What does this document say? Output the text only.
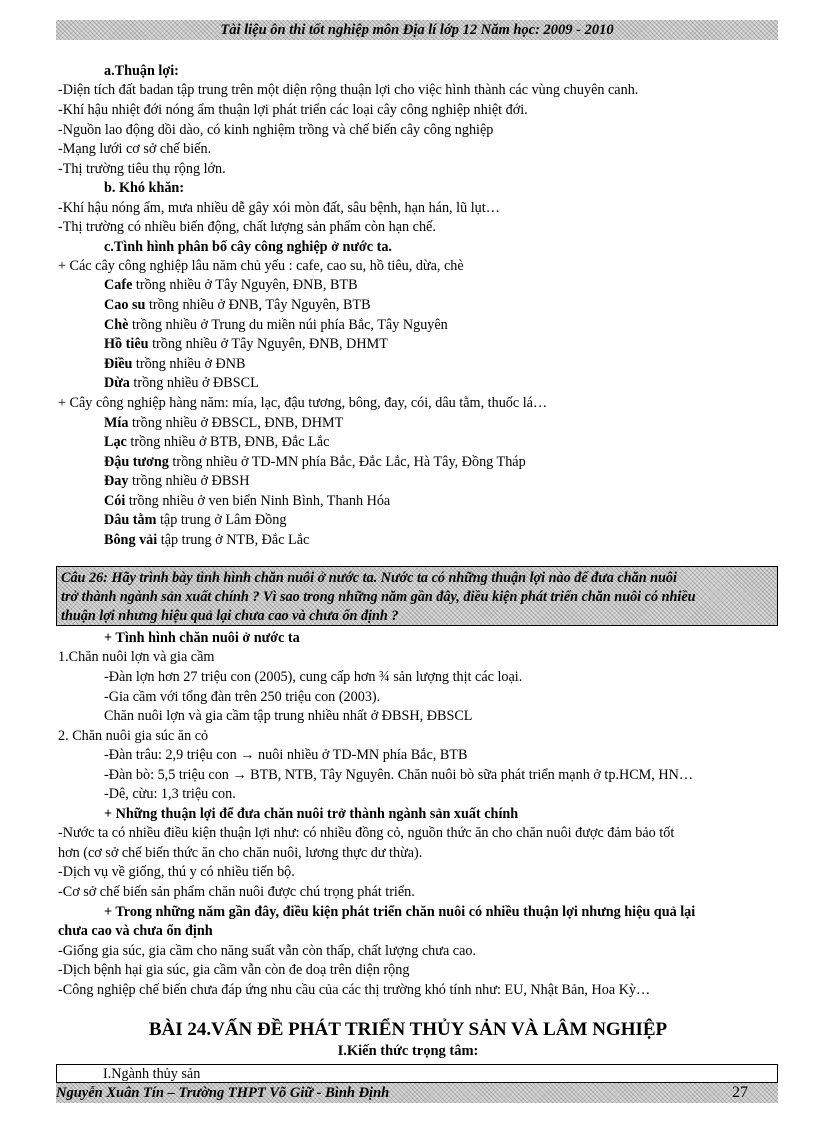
Tài liệu ôn thi tốt nghiệp môn Địa lí lớp 12 Năm học: 2009 - 2010
a.Thuận lợi:
-Diện tích đất badan tập trung trên một diện rộng thuận lợi cho việc hình thành các vùng chuyên canh.
-Khí hậu nhiệt đới nóng ẩm thuận lợi phát triển các loại cây công nghiệp nhiệt đới.
-Nguồn lao động dồi dào, có kinh nghiệm trồng và chế biến cây công nghiệp
-Mạng lưới cơ sở chế biến.
-Thị trường tiêu thụ rộng lớn.
b. Khó khăn:
-Khí hậu nóng ẩm, mưa nhiều dễ gây xói mòn đất, sâu bệnh, hạn hán, lũ lụt…
-Thị trường có nhiều biến động, chất lượng sản phẩm còn hạn chế.
c.Tình hình phân bố cây công nghiệp ở nước ta.
+ Các cây công nghiệp lâu năm chủ yếu : cafe, cao su, hồ tiêu, dừa, chè
Cafe trồng nhiều ở Tây Nguyên, ĐNB, BTB
Cao su trồng nhiều ở ĐNB, Tây Nguyên, BTB
Chè trồng nhiều ở Trung du miền núi phía Bắc, Tây Nguyên
Hồ tiêu trồng nhiều ở Tây Nguyên, ĐNB, DHMT
Điều trồng nhiều ở ĐNB
Dừa trồng nhiều ở ĐBSCL
+ Cây công nghiệp hàng năm: mía, lạc, đậu tương, bông, đay, cói, dâu tằm, thuốc lá…
Mía trồng nhiều ở ĐBSCL, ĐNB, DHMT
Lạc trồng nhiều ở BTB, ĐNB, Đắc Lắc
Đậu tương trồng nhiều ở TD-MN phía Bắc, Đắc Lắc, Hà Tây, Đồng Tháp
Đay trồng nhiều ở ĐBSH
Cói trồng nhiều ở ven biển Ninh Bình, Thanh Hóa
Dâu tằm tập trung ở Lâm Đồng
Bông vải tập trung ở NTB, Đắc Lắc
Câu 26: Hãy trình bày tình hình chăn nuôi ở nước ta. Nước ta có những thuận lợi nào để đưa chăn nuôi
trở thành ngành sản xuất chính ? Vì sao trong những năm gần đây, điều kiện phát triển chăn nuôi có nhiều
thuận lợi nhưng hiệu quả lại chưa cao và chưa ổn định ?
+ Tình hình chăn nuôi ở nước ta
1.Chăn nuôi lợn và gia cầm
-Đàn lợn hơn 27 triệu con (2005), cung cấp hơn ¾ sản lượng thịt các loại.
-Gia cầm với tổng đàn trên 250 triệu con (2003).
Chăn nuôi lợn và gia cầm tập trung nhiều nhất ở ĐBSH, ĐBSCL
2. Chăn nuôi gia súc ăn cỏ
-Đàn trâu: 2,9 triệu con → nuôi nhiều ở TD-MN phía Bắc, BTB
-Đàn bò: 5,5 triệu con → BTB, NTB, Tây Nguyên. Chăn nuôi bò sữa phát triển mạnh ở tp.HCM, HN…
-Dê, cừu: 1,3 triệu con.
+ Những thuận lợi để đưa chăn nuôi trở thành ngành sản xuất chính
-Nước ta có nhiều điều kiện thuận lợi như: có nhiều đồng cỏ, nguồn thức ăn cho chăn nuôi được đảm bảo tốt
hơn (cơ sở chế biến thức ăn cho chăn nuôi, lương thực dư thừa).
-Dịch vụ về giống, thú y có nhiều tiến bộ.
-Cơ sở chế biến sản phẩm chăn nuôi được chú trọng phát triển.
+ Trong những năm gần đây, điều kiện phát triển chăn nuôi có nhiều thuận lợi nhưng hiệu quả lại
chưa cao và chưa ổn định
-Giống gia súc, gia cầm cho năng suất vẫn còn thấp, chất lượng chưa cao.
-Dịch bệnh hại gia súc, gia cầm vẫn còn đe doạ trên diện rộng
-Công nghiệp chế biến chưa đáp ứng nhu cầu của các thị trường khó tính như: EU, Nhật Bản, Hoa Kỳ…
BÀI 24.VẤN ĐỀ PHÁT TRIỂN THỦY SẢN VÀ LÂM NGHIỆP
I.Kiến thức trọng tâm:
I.Ngành thủy sản
Nguyễn Xuân Tín – Trường THPT Võ Giữ - Bình Định	27
